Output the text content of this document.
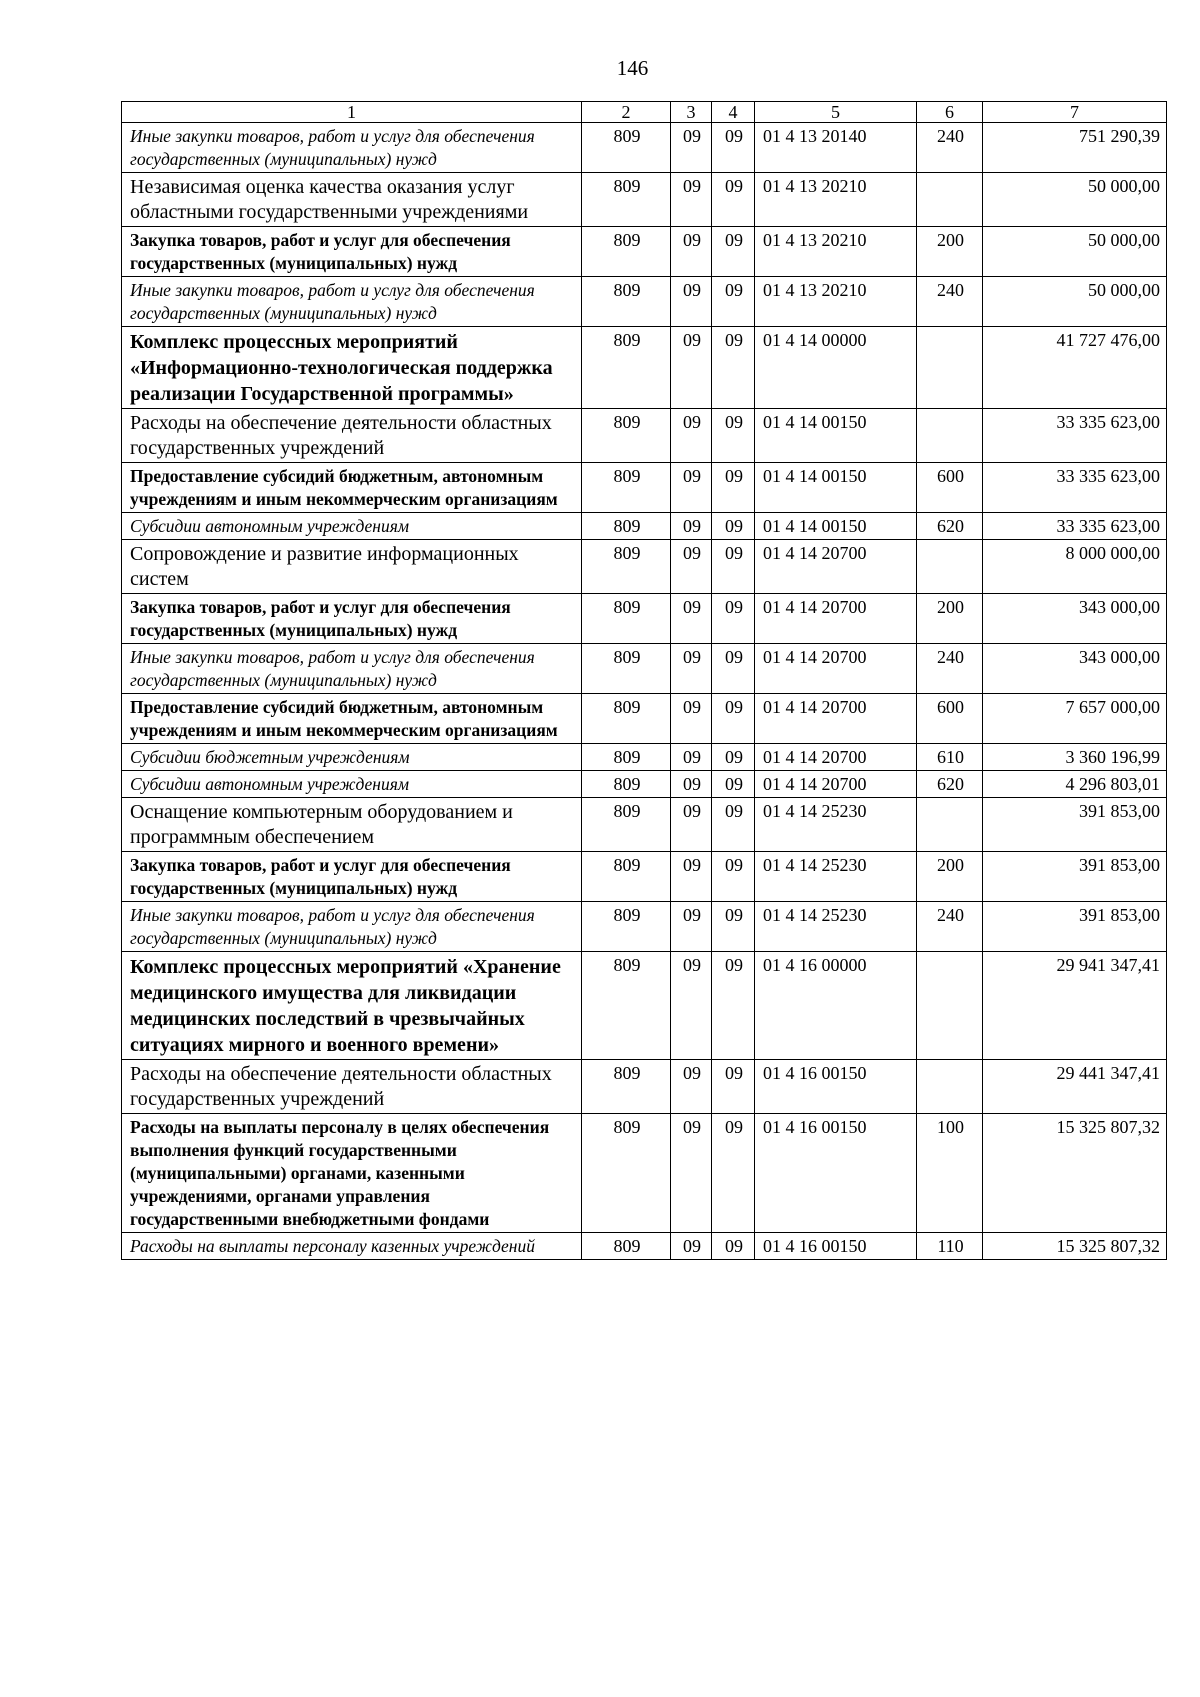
146
1	2	3	4	5	6	7
Иные закупки товаров, работ и услуг для обеспечения государственных (муниципальных) нужд	809	09	09	01 4 13 20140	240	751 290,39
Независимая оценка качества оказания услуг областными государственными учреждениями	809	09	09	01 4 13 20210		50 000,00
Закупка товаров, работ и услуг для обеспечения государственных (муниципальных) нужд	809	09	09	01 4 13 20210	200	50 000,00
Иные закупки товаров, работ и услуг для обеспечения государственных (муниципальных) нужд	809	09	09	01 4 13 20210	240	50 000,00
Комплекс процессных мероприятий «Информационно-технологическая поддержка реализации Государственной программы»	809	09	09	01 4 14 00000		41 727 476,00
Расходы на обеспечение деятельности областных государственных учреждений	809	09	09	01 4 14 00150		33 335 623,00
Предоставление субсидий бюджетным, автономным учреждениям и иным некоммерческим организациям	809	09	09	01 4 14 00150	600	33 335 623,00
Субсидии автономным учреждениям	809	09	09	01 4 14 00150	620	33 335 623,00
Сопровождение и развитие информационных систем	809	09	09	01 4 14 20700		8 000 000,00
Закупка товаров, работ и услуг для обеспечения государственных (муниципальных) нужд	809	09	09	01 4 14 20700	200	343 000,00
Иные закупки товаров, работ и услуг для обеспечения государственных (муниципальных) нужд	809	09	09	01 4 14 20700	240	343 000,00
Предоставление субсидий бюджетным, автономным учреждениям и иным некоммерческим организациям	809	09	09	01 4 14 20700	600	7 657 000,00
Субсидии бюджетным учреждениям	809	09	09	01 4 14 20700	610	3 360 196,99
Субсидии автономным учреждениям	809	09	09	01 4 14 20700	620	4 296 803,01
Оснащение компьютерным оборудованием и программным обеспечением	809	09	09	01 4 14 25230		391 853,00
Закупка товаров, работ и услуг для обеспечения государственных (муниципальных) нужд	809	09	09	01 4 14 25230	200	391 853,00
Иные закупки товаров, работ и услуг для обеспечения государственных (муниципальных) нужд	809	09	09	01 4 14 25230	240	391 853,00
Комплекс процессных мероприятий «Хранение медицинского имущества для ликвидации медицинских последствий в чрезвычайных ситуациях мирного и военного времени»	809	09	09	01 4 16 00000		29 941 347,41
Расходы на обеспечение деятельности областных государственных учреждений	809	09	09	01 4 16 00150		29 441 347,41
Расходы на выплаты персоналу в целях обеспечения выполнения функций государственными (муниципальными) органами, казенными учреждениями, органами управления государственными внебюджетными фондами	809	09	09	01 4 16 00150	100	15 325 807,32
Расходы на выплаты персоналу казенных учреждений	809	09	09	01 4 16 00150	110	15 325 807,32
